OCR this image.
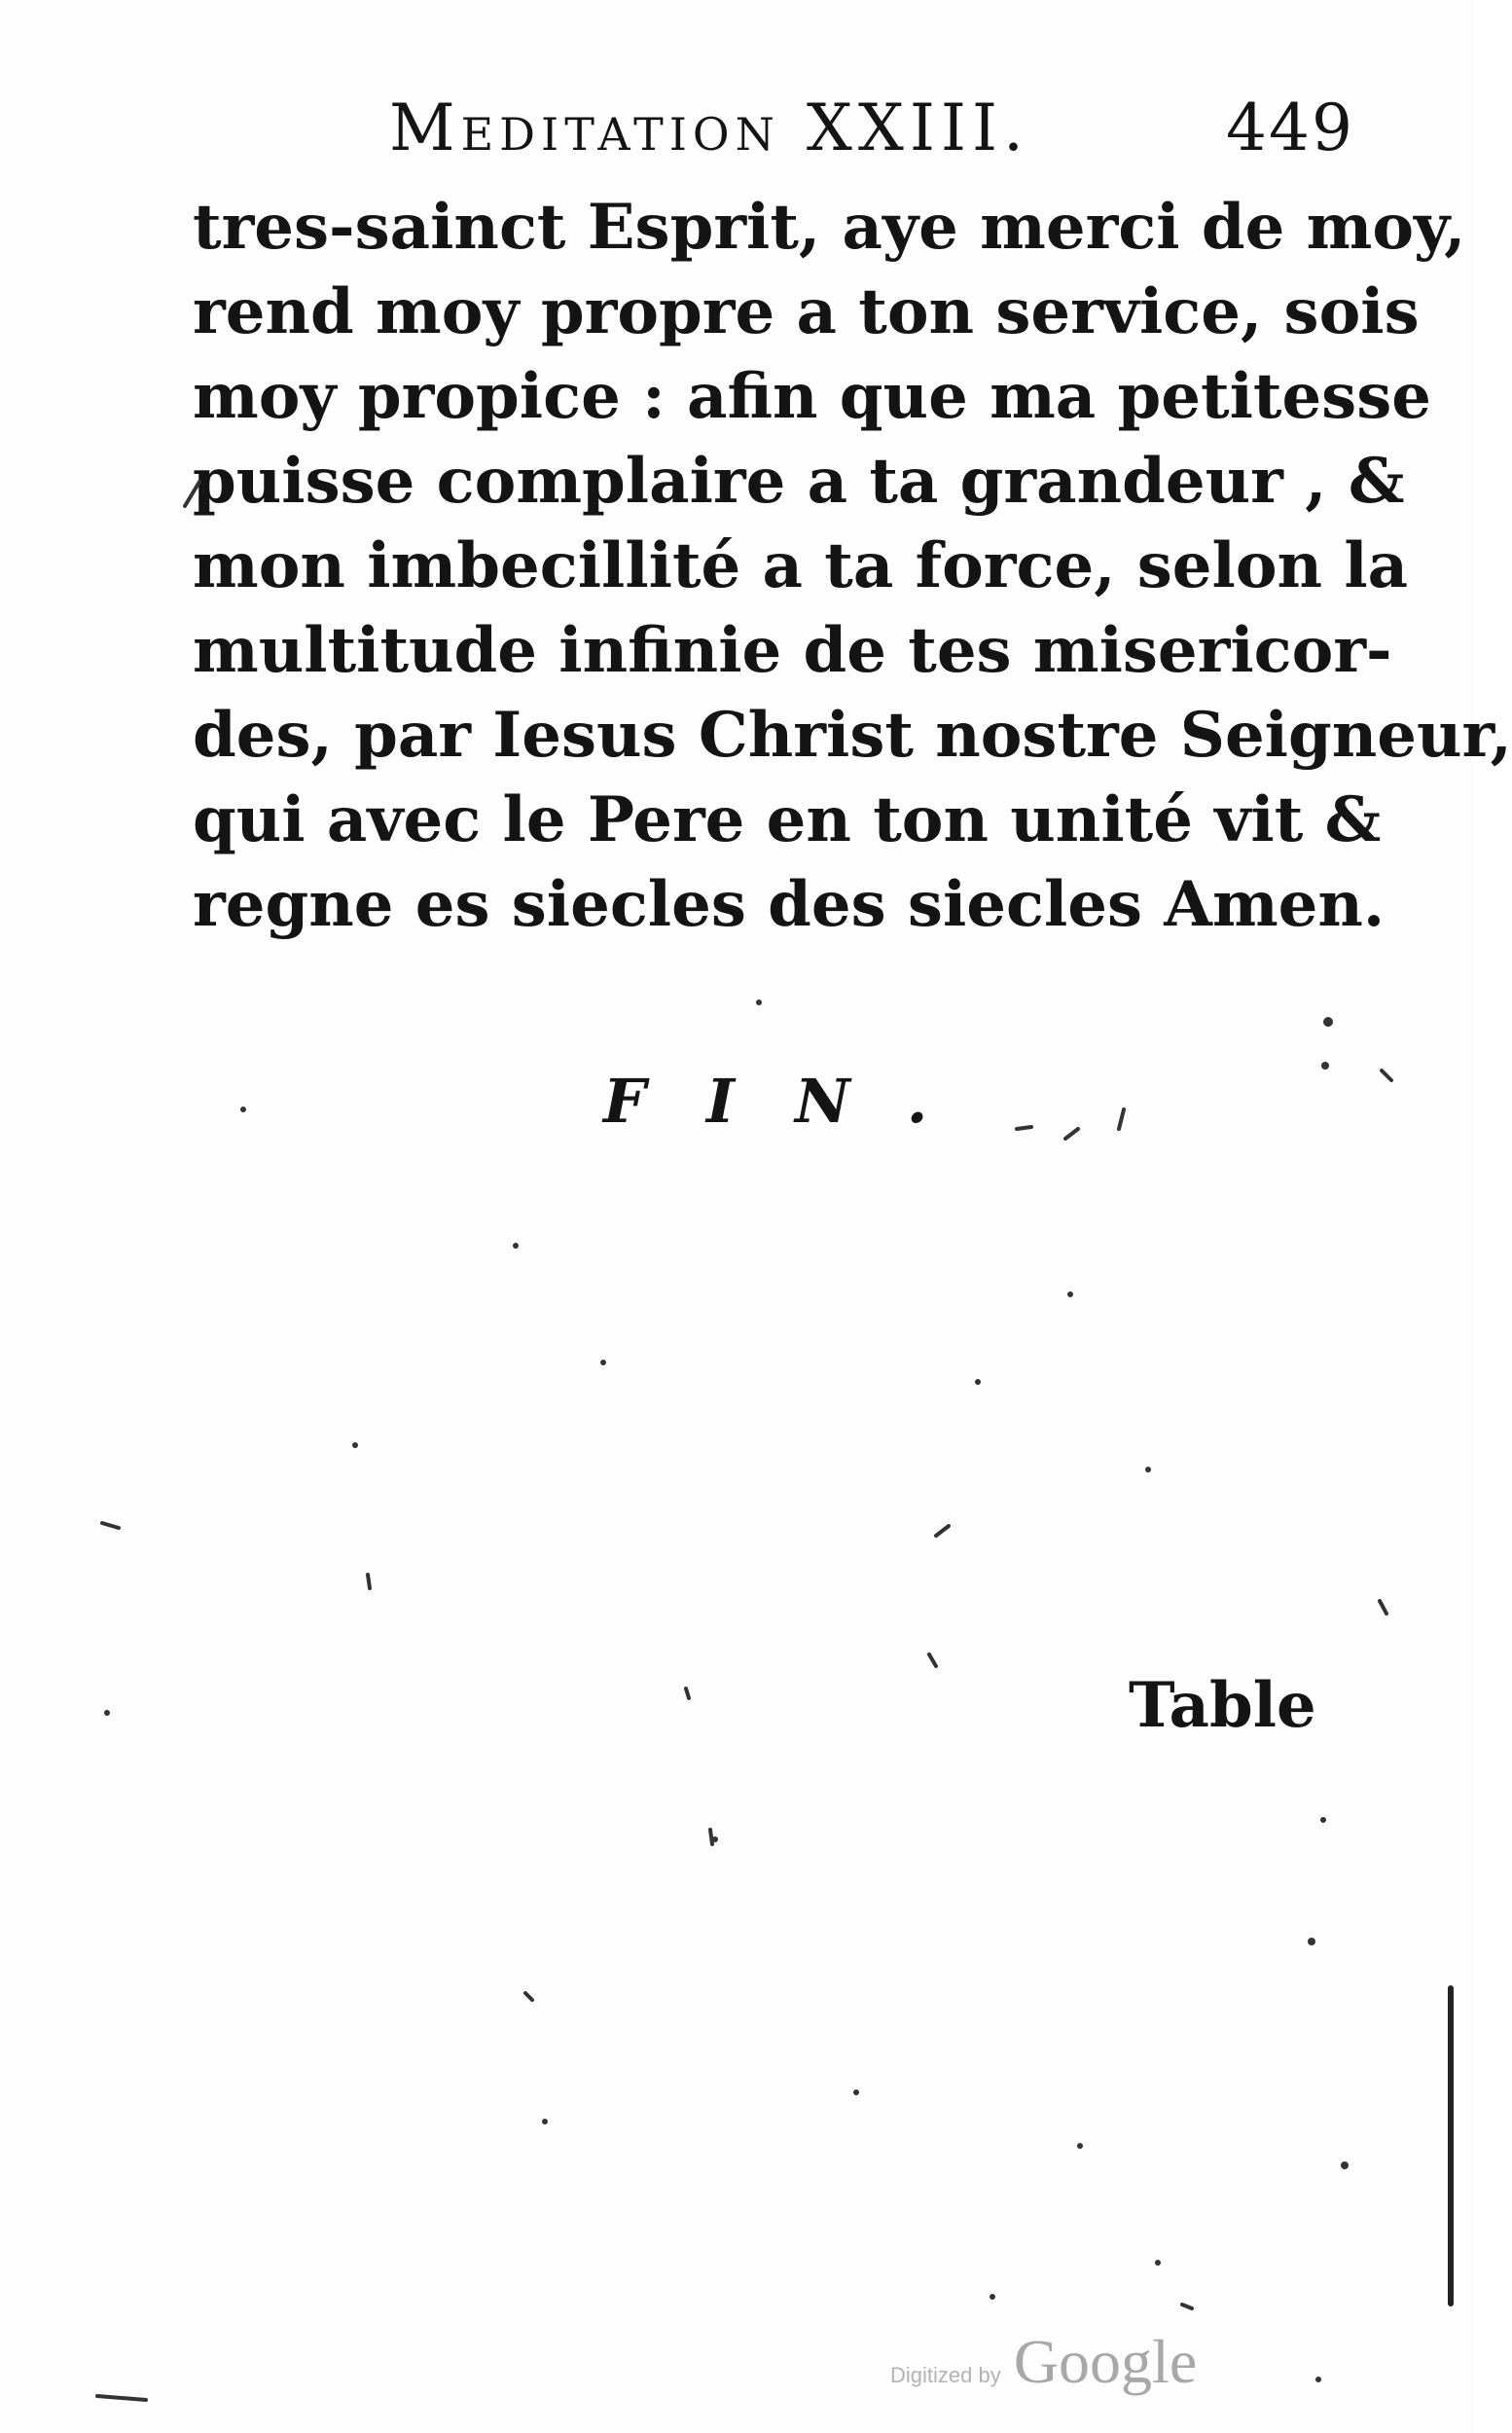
Meditation XXIII.	449
tres-sainct Esprit, aye merci de moy,
rend moy propre a ton service, sois
moy propice : afin que ma petitesse
puisse complaire a ta grandeur , &
mon imbecillité a ta force, selon la
multitude infinie de tes misericor-
des, par Iesus Christ nostre Seigneur,
qui avec le Pere en ton unité vit &
regne es siecles des siecles Amen.
FIN.
Table
Digitized by Google
